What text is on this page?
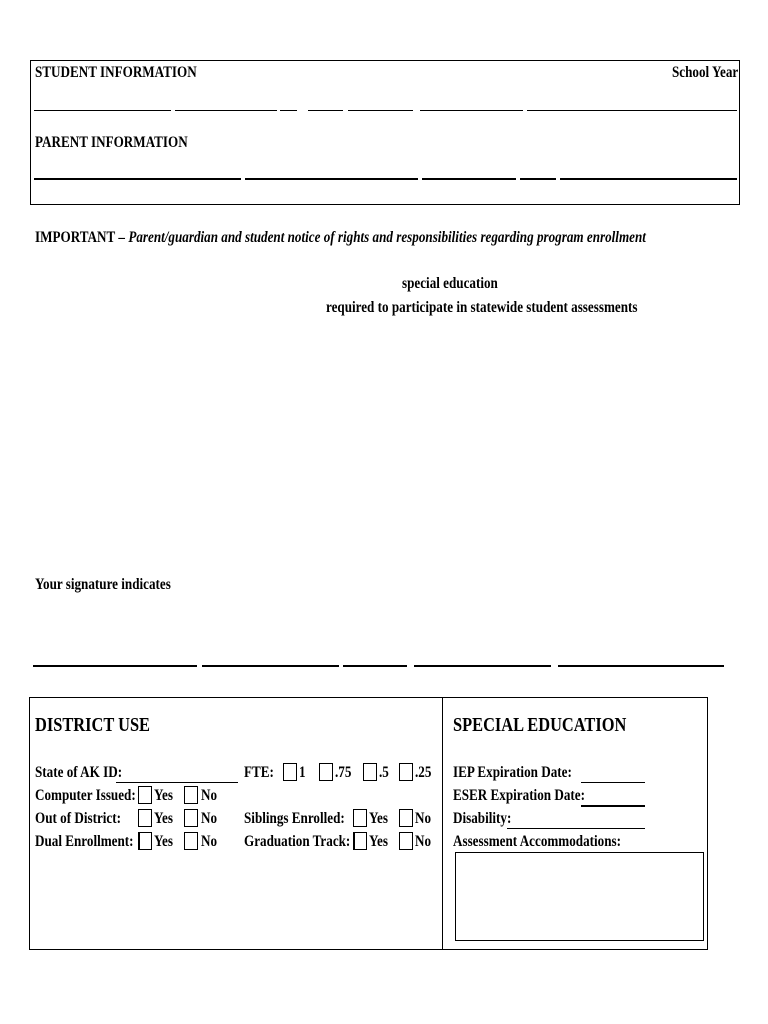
STUDENT INFORMATION	School Year
PARENT INFORMATION
IMPORTANT – Parent/guardian and student notice of rights and responsibilities regarding program enrollment
special education
required to participate in statewide student assessments
Your signature indicates
DISTRICT USE	SPECIAL EDUCATION
State of AK ID:	FTE:	1 .75 .5 .25
Computer Issued:	Yes No
Out of District:	Yes No Siblings Enrolled:	Yes No
Dual Enrollment:	Yes No Graduation Track:	Yes No
IEP Expiration Date:
ESER Expiration Date:
Disability:
Assessment Accommodations:
